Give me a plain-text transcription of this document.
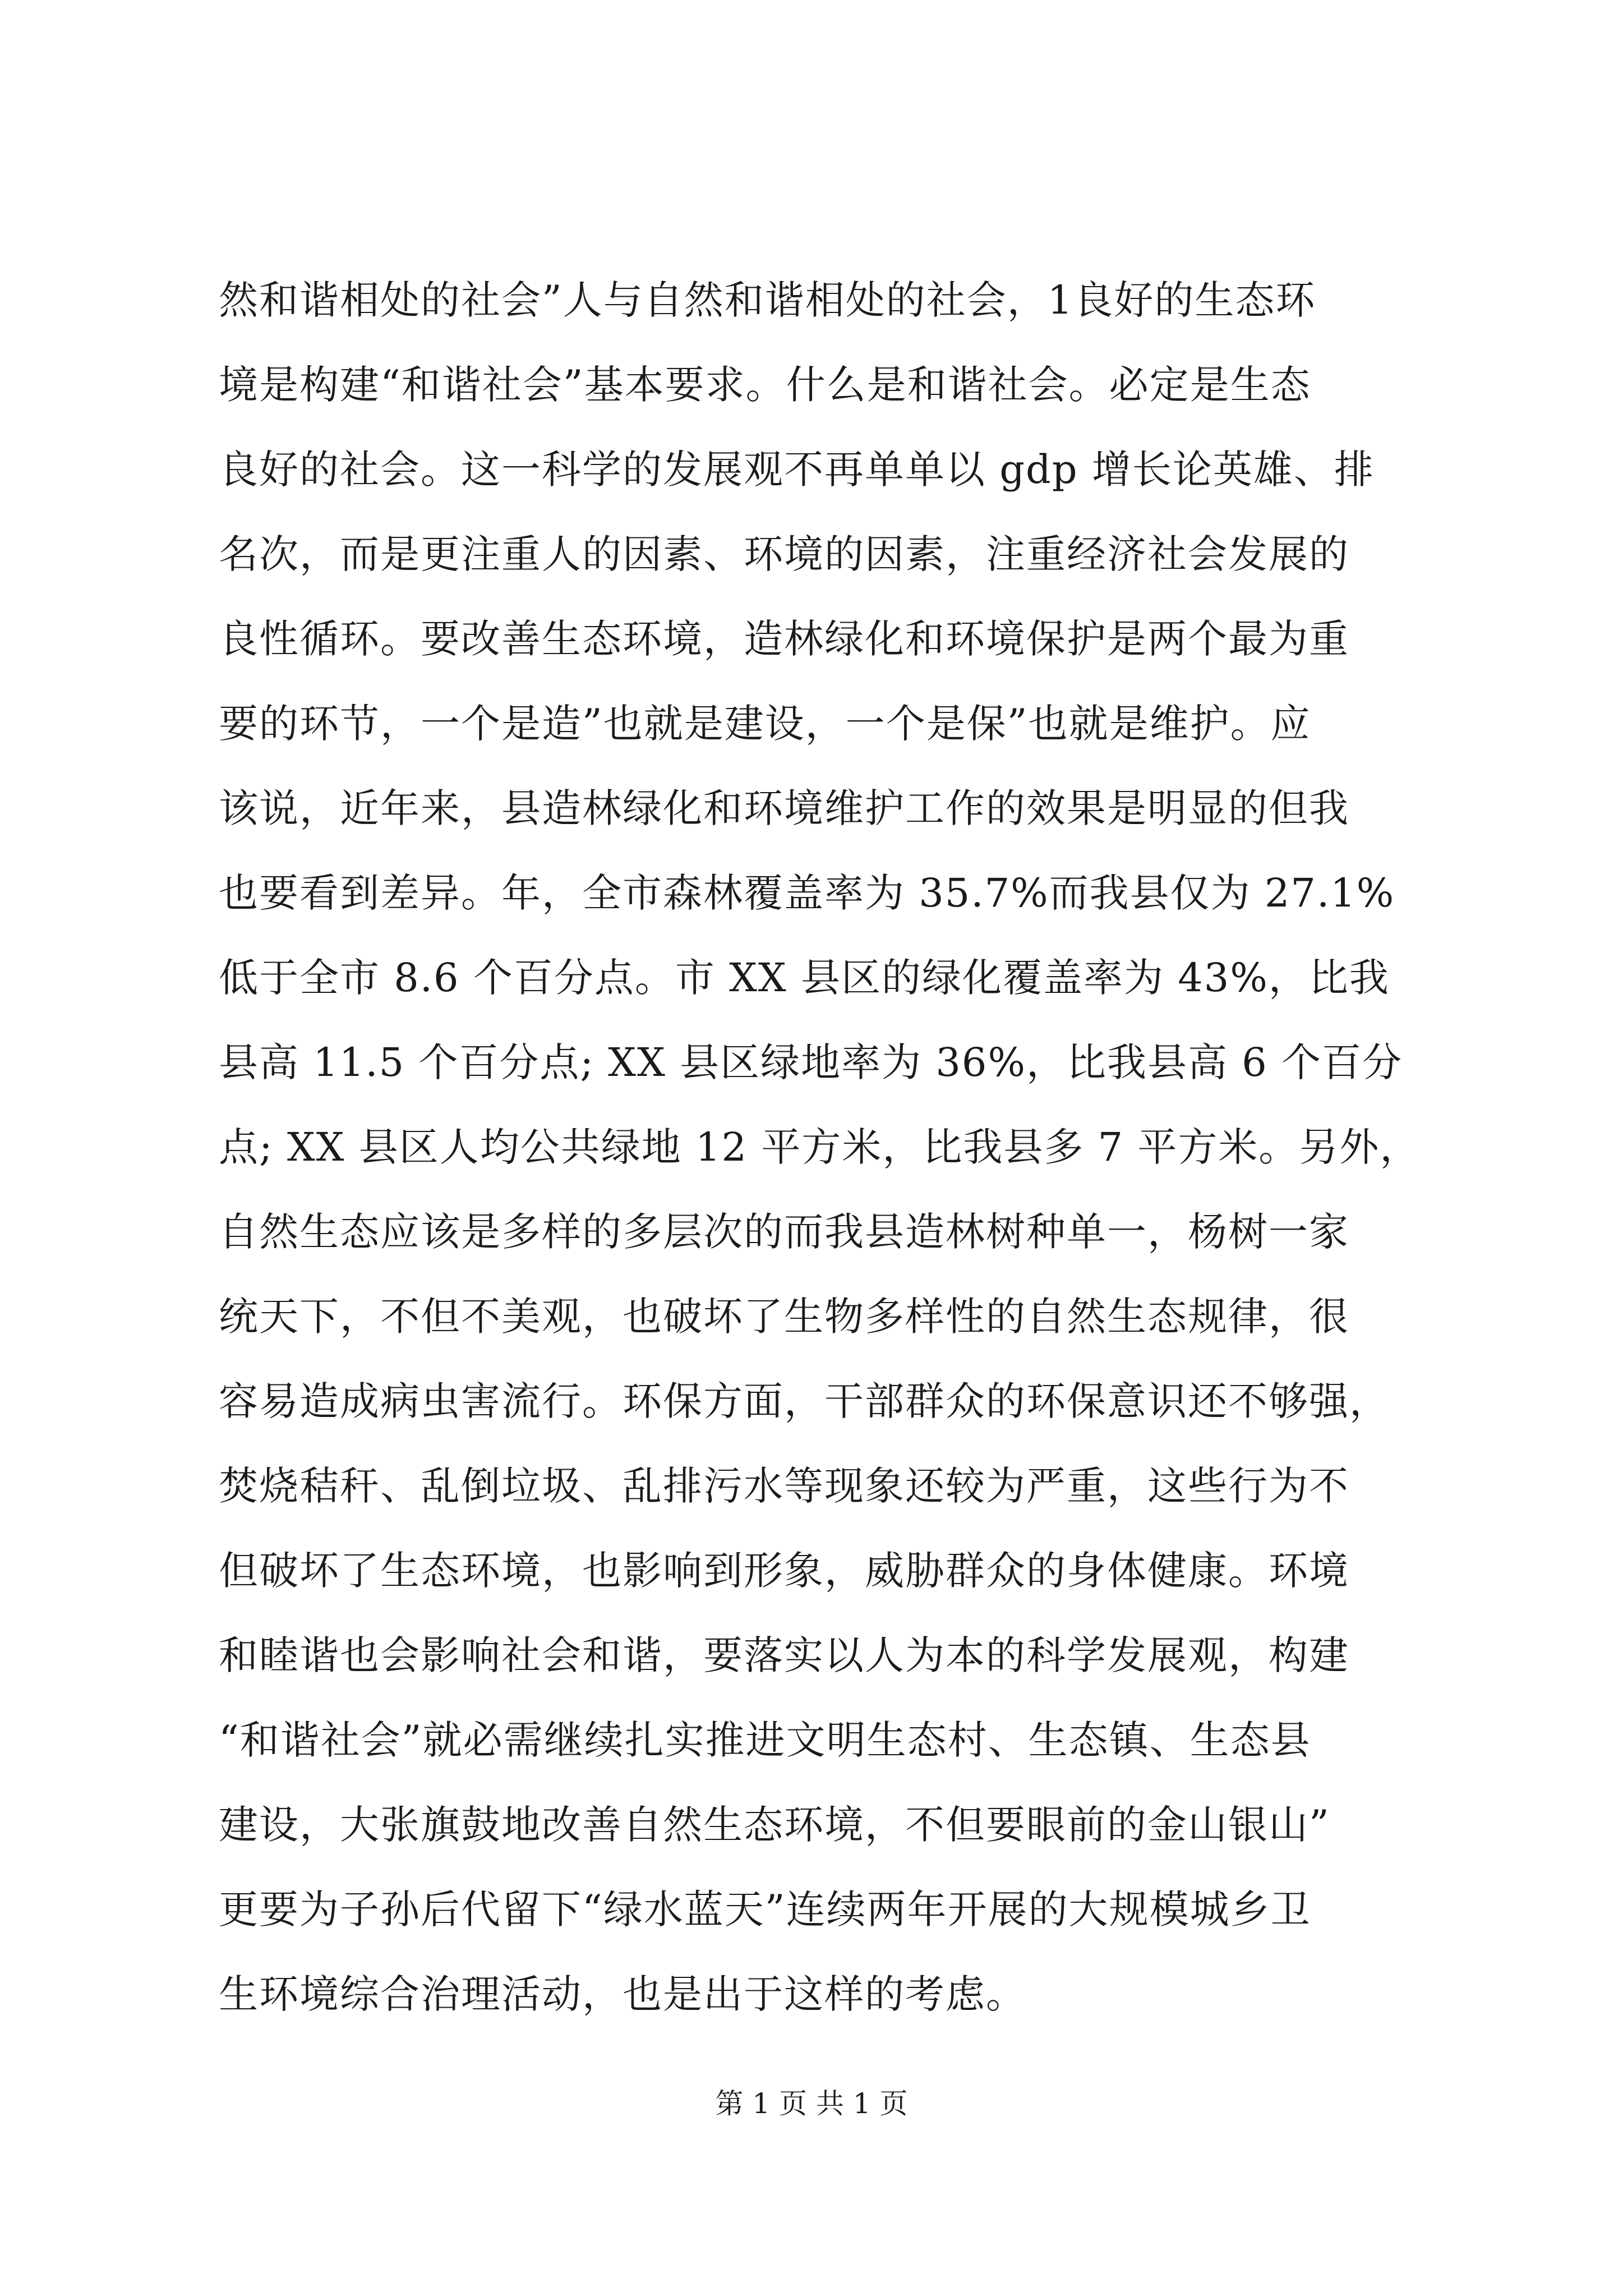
然和谐相处的社会”人与自然和谐相处的社会，1良好的生态环
境是构建“和谐社会”基本要求。什么是和谐社会。必定是生态
良好的社会。这一科学的发展观不再单单以 gdp 增长论英雄、排
名次，而是更注重人的因素、环境的因素，注重经济社会发展的
良性循环。要改善生态环境，造林绿化和环境保护是两个最为重
要的环节，一个是造”也就是建设，一个是保”也就是维护。应
该说，近年来，县造林绿化和环境维护工作的效果是明显的但我
也要看到差异。年，全市森林覆盖率为 35.7%而我县仅为 27.1%
低于全市 8.6 个百分点。市 XX 县区的绿化覆盖率为 43%，比我
县高 11.5 个百分点; XX 县区绿地率为 36%，比我县高 6 个百分
点; XX 县区人均公共绿地 12 平方米，比我县多 7 平方米。另外，
自然生态应该是多样的多层次的而我县造林树种单一，杨树一家
统天下，不但不美观，也破坏了生物多样性的自然生态规律，很
容易造成病虫害流行。环保方面，干部群众的环保意识还不够强，
焚烧秸秆、乱倒垃圾、乱排污水等现象还较为严重，这些行为不
但破坏了生态环境，也影响到形象，威胁群众的身体健康。环境
和睦谐也会影响社会和谐，要落实以人为本的科学发展观，构建
“和谐社会”就必需继续扎实推进文明生态村、生态镇、生态县
建设，大张旗鼓地改善自然生态环境，不但要眼前的金山银山”
更要为子孙后代留下“绿水蓝天”连续两年开展的大规模城乡卫
生环境综合治理活动，也是出于这样的考虑。
第 1 页 共 1 页
